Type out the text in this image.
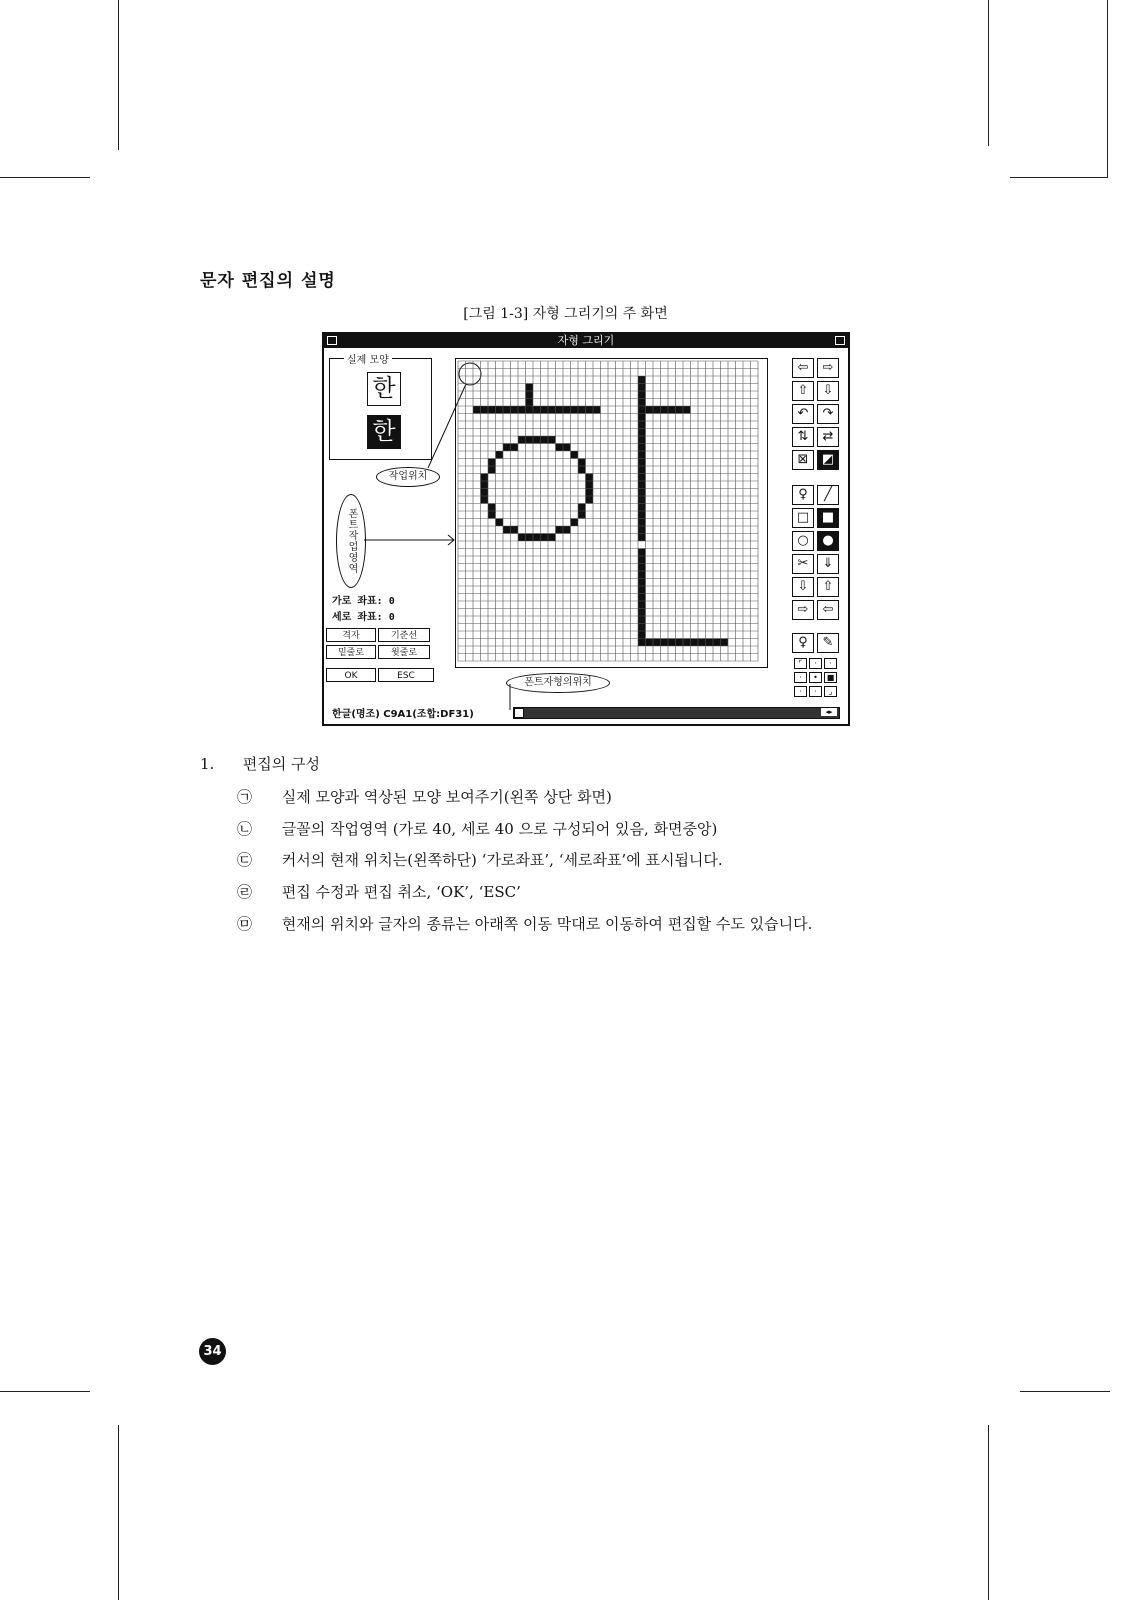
문자 편집의 설명
[그림 1-3] 자형 그리기의 주 화면
자형 그리기
실제 모양
한
한
작업위치
폰트작업영역
폰트자형의위치
가로 좌표: 0
세로 좌표: 0
격자	기준선
밑줄로	윗줄로
OK	ESC
⇦	⇨
⇧	⇩
↶	↷
⇅	⇄
⊠	◩
♀	╱
□ ■
○	●
✂	⇓
⇩	⇧
⇨	⇦
♀	✎
⌜	·	·
·	•	■
·	·	⌟
한글(명조) C9A1(조합:DF31)	◂▸
1. 편집의 구성
㉠ 실제 모양과 역상된 모양 보여주기(왼쪽 상단 화면)
㉡ 글꼴의 작업영역 (가로 40, 세로 40 으로 구성되어 있음, 화면중앙)
㉢ 커서의 현재 위치는(왼쪽하단) ‘가로좌표’, ‘세로좌표’에 표시됩니다.
㉣ 편집 수정과 편집 취소, ‘OK’, ‘ESC’
㉤ 현재의 위치와 글자의 종류는 아래쪽 이동 막대로 이동하여 편집할 수도 있습니다.
34
